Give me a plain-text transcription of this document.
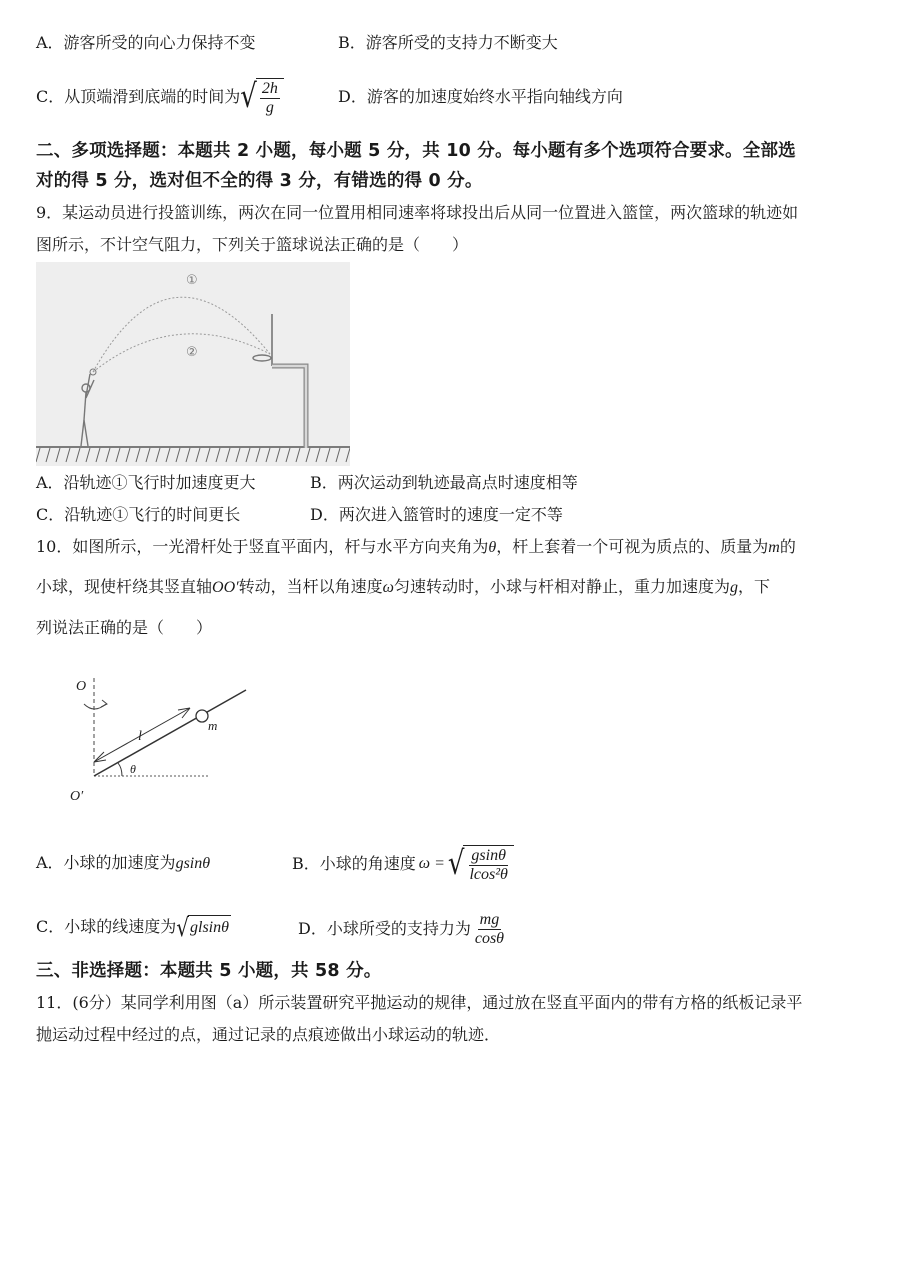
A．游客所受的向心力保持不变	B．游客所受的支持力不断变大
C．从顶端滑到底端的时间为 √ $\frac{2h}{g}$	D．游客的加速度始终水平指向轴线方向
二、多项选择题：本题共 2 小题，每小题 5 分，共 10 分。每小题有多个选项符合要求。全部选
对的得 5 分，选对但不全的得 3 分，有错选的得 0 分。
9．某运动员进行投篮训练，两次在同一位置用相同速率将球投出后从同一位置进入篮筐，两次篮球的轨迹如
图所示，不计空气阻力，下列关于篮球说法正确的是（　　）
①
②
A．沿轨迹①飞行时加速度更大	B．两次运动到轨迹最高点时速度相等
C．沿轨迹①飞行的时间更长	D．两次进入篮管时的速度一定不等
10．如图所示，一光滑杆处于竖直平面内，杆与水平方向夹角为θ，杆上套着一个可视为质点的、质量为m的
小球，现使杆绕其竖直轴OO′转动，当杆以角速度ω匀速转动时，小球与杆相对静止，重力加速度为g，下
列说法正确的是（　　）
O
O′
l
m
θ
A．小球的加速度为gsinθ	B．小球的角速度 ω = √ $\frac{gsin\theta}{\text{lcos²θ}}$
C．小球的线速度为 √ glsinθ	D．小球所受的支持力为 $\frac{mg}{\cos\theta}$
三、非选择题：本题共 5 小题，共 58 分。
11．(6分）某同学利用图（a）所示装置研究平抛运动的规律，通过放在竖直平面内的带有方格的纸板记录平
抛运动过程中经过的点，通过记录的点痕迹做出小球运动的轨迹．
